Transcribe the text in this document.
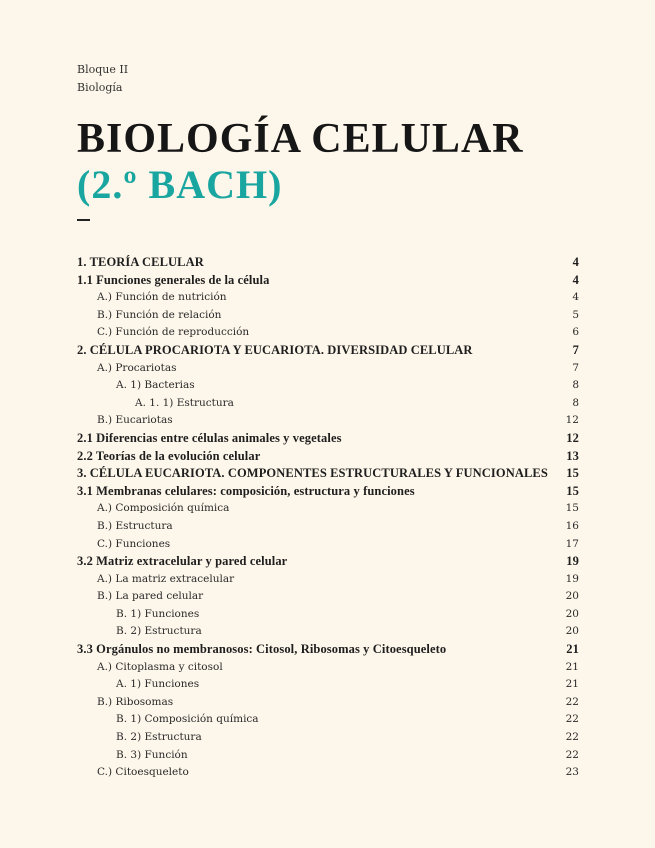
Bloque II
Biología
BIOLOGÍA CELULAR
(2.º BACH)
1. TEORÍA CELULAR	4
1.1 Funciones generales de la célula	4
A.) Función de nutrición	4
B.) Función de relación	5
C.) Función de reproducción	6
2. CÉLULA PROCARIOTA Y EUCARIOTA. DIVERSIDAD CELULAR	7
A.) Procariotas	7
A. 1) Bacterias	8
A. 1. 1) Estructura	8
B.) Eucariotas	12
2.1 Diferencias entre células animales y vegetales	12
2.2 Teorías de la evolución celular	13
3. CÉLULA EUCARIOTA. COMPONENTES ESTRUCTURALES Y FUNCIONALES 15
3.1 Membranas celulares: composición, estructura y funciones	15
A.) Composición química	15
B.) Estructura	16
C.) Funciones	17
3.2 Matriz extracelular y pared celular	19
A.) La matriz extracelular	19
B.) La pared celular	20
B. 1) Funciones	20
B. 2) Estructura	20
3.3 Orgánulos no membranosos: Citosol, Ribosomas y Citoesqueleto	21
A.) Citoplasma y citosol	21
A. 1) Funciones	21
B.) Ribosomas	22
B. 1) Composición química	22
B. 2) Estructura	22
B. 3) Función	22
C.) Citoesqueleto	23
